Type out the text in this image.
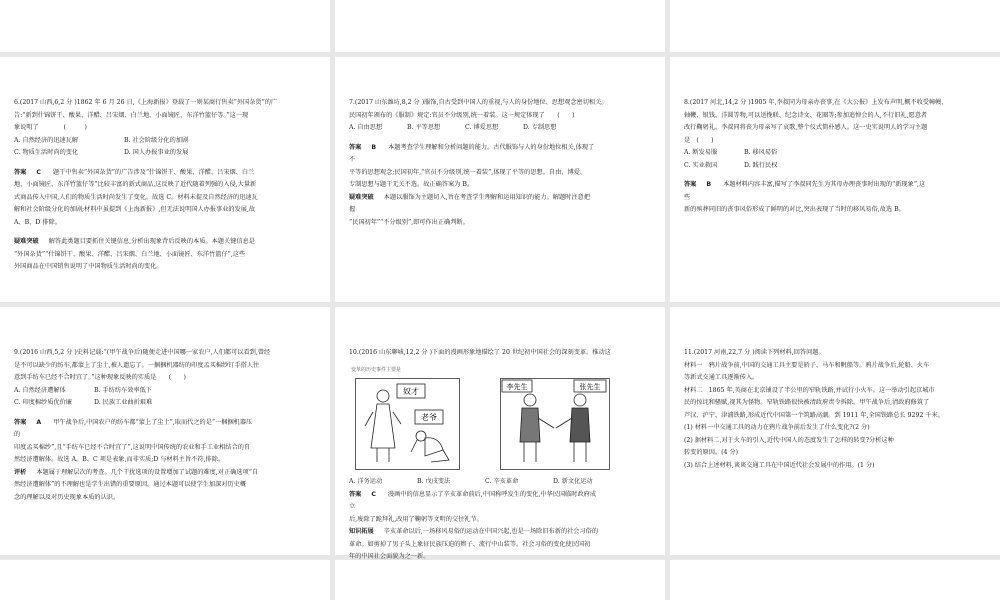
6.(2017 山西,6,2 分 )1862 年 6 月 26 日,《上海新报》登载了一则某商行售卖“外国杂货”的广

告:“新到什锦饼干、酸果、洋醋、吕宋烟、白兰地、小面镜匠、东洋竹篮仔等。”这一现

象说明了　　　　(　　　)

A. 自然经济的迅速瓦解	B. 社会阶级分化的加剧
C. 物质生活时尚的变化	D. 国人办报事业的发展

答案 C 题干中售卖“外国杂货”的广告涉及“什锦饼干、酸果、洋醋、吕宋烟、白兰

地、小面镜匠、东洋竹篮仔等”比较丰富的新式商品,这反映了近代随着列强的入侵,大量新

式商品传入中国,人们的物质生活时尚发生了变化。故选 C。材料未提及自然经济的迅速瓦

解和社会阶级分化的加剧;材料中虽提到《上海新报》,但无法说明国人办报事业的发展,故

A、B、D 排除。

疑难突破 解答此类题目要抓住关键信息,分析出现象背后反映的本质。本题关键信息是

“外国杂货”“什锦饼干、酸果、洋醋、吕宋烟、白兰地、小面镜匠、东洋竹篮仔”,这些

外国商品在中国销售说明了中国物质生活时尚的变化。

7.(2017 山东潍坊,8,2 分 )服饰,自古受到中国人的重视,与人的身份地位、思想观念密切相关。

民国初年颁布的《服制》规定:官员不分级别,统一着装。这一规定体现了　　(　　)

A. 自由思想	B. 平等思想	C. 博爱思想	D. 专制思想

答案 B 本题考查学生理解和分析问题的能力。古代服饰与人的身份地位相关,体现了

不

平等的思想观念;民国初年,“官员不分级别,统一着装”,体现了平等的思想。自由、博爱、

专制思想与题干无关不选。故正确答案为 B。

疑难突破 本题以服饰为主题切入,旨在考查学生理解和运用知识的能力。解题时注意把

握

“民国初年”“不分级别”,即可作出正确判断。

8.(2017 河北,14,2 分 )1905 年,李叔同为母亲办丧事,在《大公报》上发布声明,概不收受幛幔、

轴鞭、银钱、洋圆等物,可以送挽联、纪念诗文、花圈等;参加追悼会的人,不行旧礼,愿意者

改行鞠躬礼。李叔同将丧为母亲写了哀歌,整个仪式简朴感人。这一史实说明人的学习主题

是　(　　)

A. 断发易服	B. 移风易俗
C. 实业救国	D. 践行民权

答案 B 本题材料内容丰富,描写了李叔同先生为其母办理丧事时出现的“新现象”,这

些

新的殡葬同旧的丧事风俗形成了鲜明的对比,突出表现了当时的移风易俗,故选 B。

9.(2016 山西,5,2 分 )史料记载:“(甲午战争后)随便走进中国哪一家农户,人们都可以看到,曾经

是不可以缺少的纺车,都蒙上了尘土,被人遗忘了。一捆捆机器纺的印度孟买棉纱钉手搭人往

意到手纺车已经不合时宜了。”这种现象反映的实质是　　(　　)

A. 自然经济遭解体	B. 手纺纺车效率低下
C. 印度棉纱质优价廉	D. 民族工业曲折艰难

答案 A 甲午战争后,中国农户的纺车都“蒙上了尘土”,取而代之的是“一捆捆机器压

的

印度孟买棉纱”,且“手纺车已经不合时宜了”,这说明中国传统的农业和手工业相结合的自

然经济遭解体。故选 A。B、C 项是表象,而非实质;D 与材料主旨不符,排除。

评析 本题属于理解层次的考查。几个干扰选项的设置增加了试题的难度,对正确选项“自

然经济遭解体”的不理解也是学生出错的重要原因。通过本题可以使学生加深对历史概

念的理解以及对历史现象本质的认识。

10.(2016 山东聊城,12,2 分 )下面的漫画形象地描绘了 20 世纪初中国社会的深刻变革。推动这

变革的历史事件主要是
奴才
老爷
李先生	张先生
A. 洋务运动	B. 戊戌变法	C. 辛亥革命	D. 新文化运动

答案 C 漫画中的信息显示了辛亥革命前后,中国称呼发生的变化,中华民国临时政府成

立

后,废除了跪拜礼,改用了鞠躬等文明的交往礼节。

知识拓展 辛亥革命以后,一场移风易俗的运动在中国兴起,也是一场除旧布新的社会习俗的

革命。如剪掉了男子头上象征民族压迫的辫子、流行中山装等。社会习俗的变化使民国初

年的中国社会面貌为之一新。

11.(2017 河南,22,7 分 )阅读下列材料,回答问题。

材料一　鸦片战争前,中国的交通工具主要是轿子、马车和帆船等。鸦片战争后,轮船、火车

等新式交通工具逐渐传入。

材料二　1865 年,英商在北京铺设了半公里的窄轨铁路,并试行小火车。这一举动引起京城市

民的惊诧和骚赋,视其为怪物。窄轨铁路很快被清政府责令拆除。甲午战争后,清政府修筑了

芦汉、沪宁、津浦铁路,形成近代中国第一个筑路高潮。到 1911 年,全国铁路总长 9292 千米。

(1) 材料一中交通工具的动力在鸦片战争前后发生了什么变化?(2 分)

(2) 据材料二,对于火车的引入,近代中国人的态度发生了怎样的转变?分析这种

转变的原因。(4 分)

(3) 结合上述材料,谈谈交通工具在中国近代社会发展中的作用。(1 分)
